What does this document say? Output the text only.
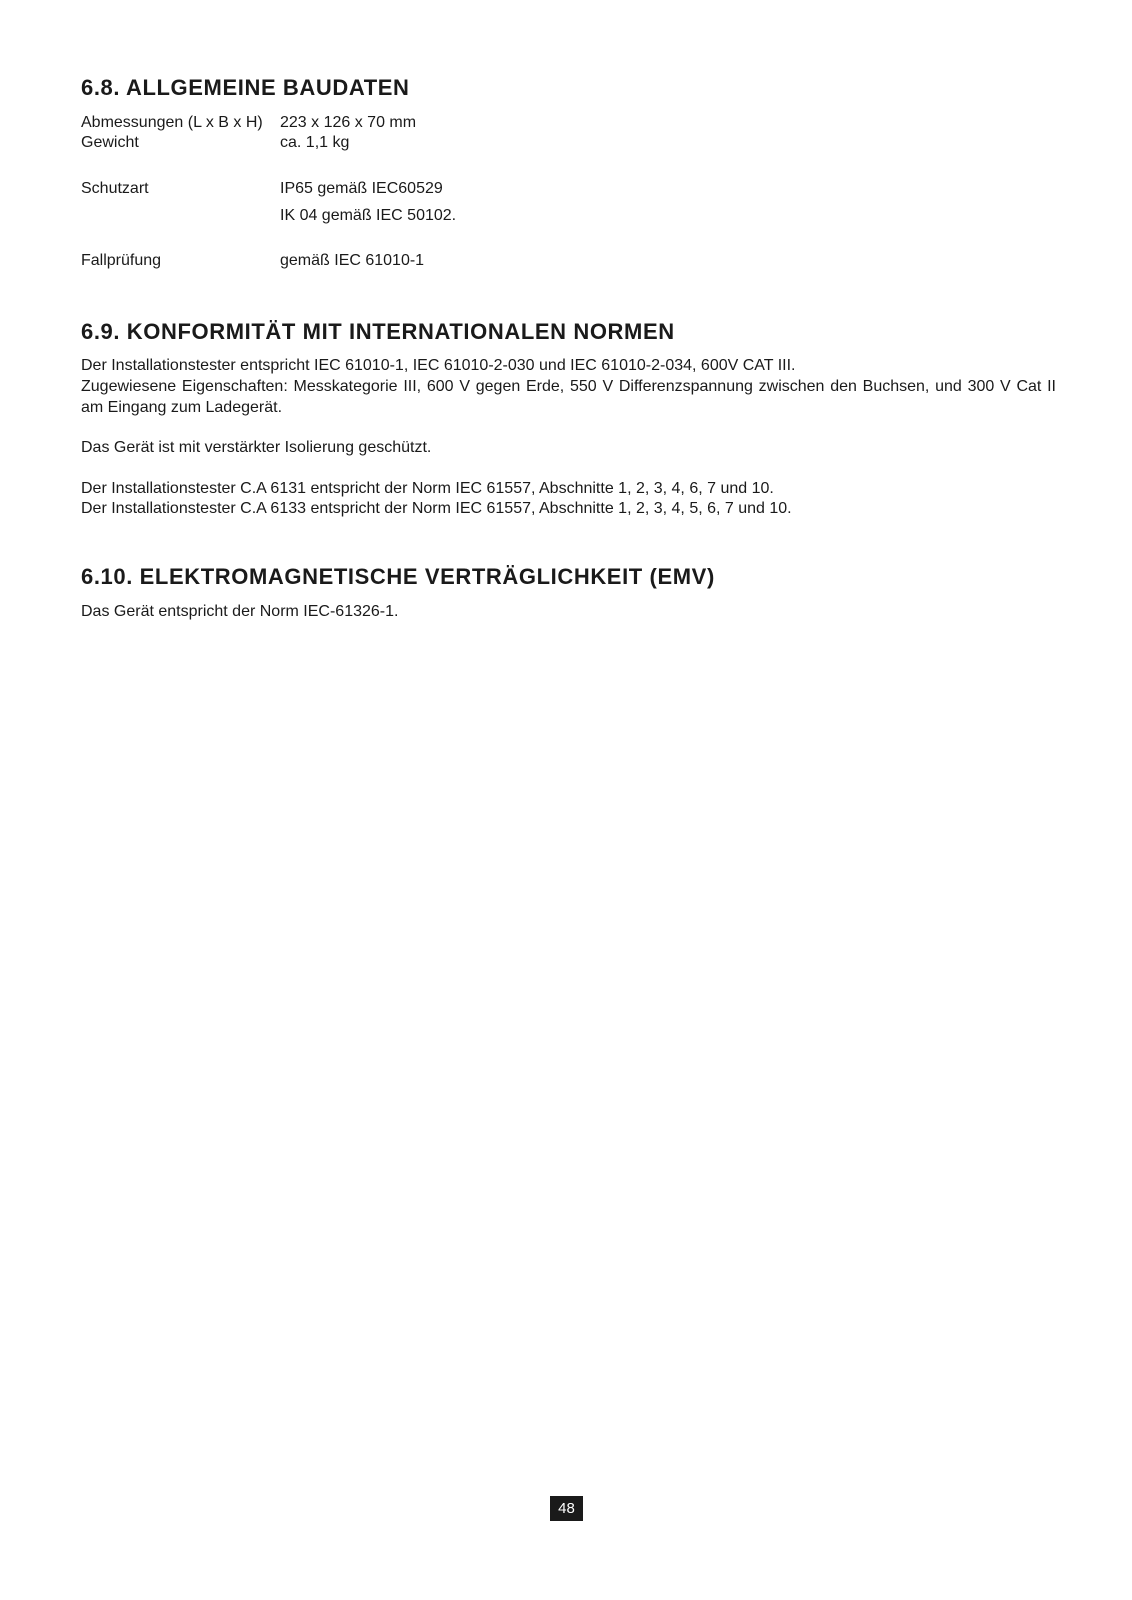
6.8. ALLGEMEINE BAUDATEN
Abmessungen (L x B x H) 223 x 126 x 70 mm
Gewicht	ca. 1,1 kg
Schutzart	IP65 gemäß IEC60529
IK 04 gemäß IEC 50102.
Fallprüfung	gemäß IEC 61010-1
6.9. KONFORMITÄT MIT INTERNATIONALEN NORMEN

Der Installationstester entspricht IEC 61010-1, IEC 61010-2-030 und IEC 61010-2-034, 600V CAT III.

Zugewiesene Eigenschaften: Messkategorie III, 600 V gegen Erde, 550 V Differenzspannung zwischen den Buchsen, und 300 V Cat II am Eingang zum Ladegerät.

Das Gerät ist mit verstärkter Isolierung geschützt.

Der Installationstester C.A 6131 entspricht der Norm IEC 61557, Abschnitte 1, 2, 3, 4, 6, 7 und 10.

Der Installationstester C.A 6133 entspricht der Norm IEC 61557, Abschnitte 1, 2, 3, 4, 5, 6, 7 und 10.

6.10. ELEKTROMAGNETISCHE VERTRÄGLICHKEIT (EMV)

Das Gerät entspricht der Norm IEC-61326-1.

48
